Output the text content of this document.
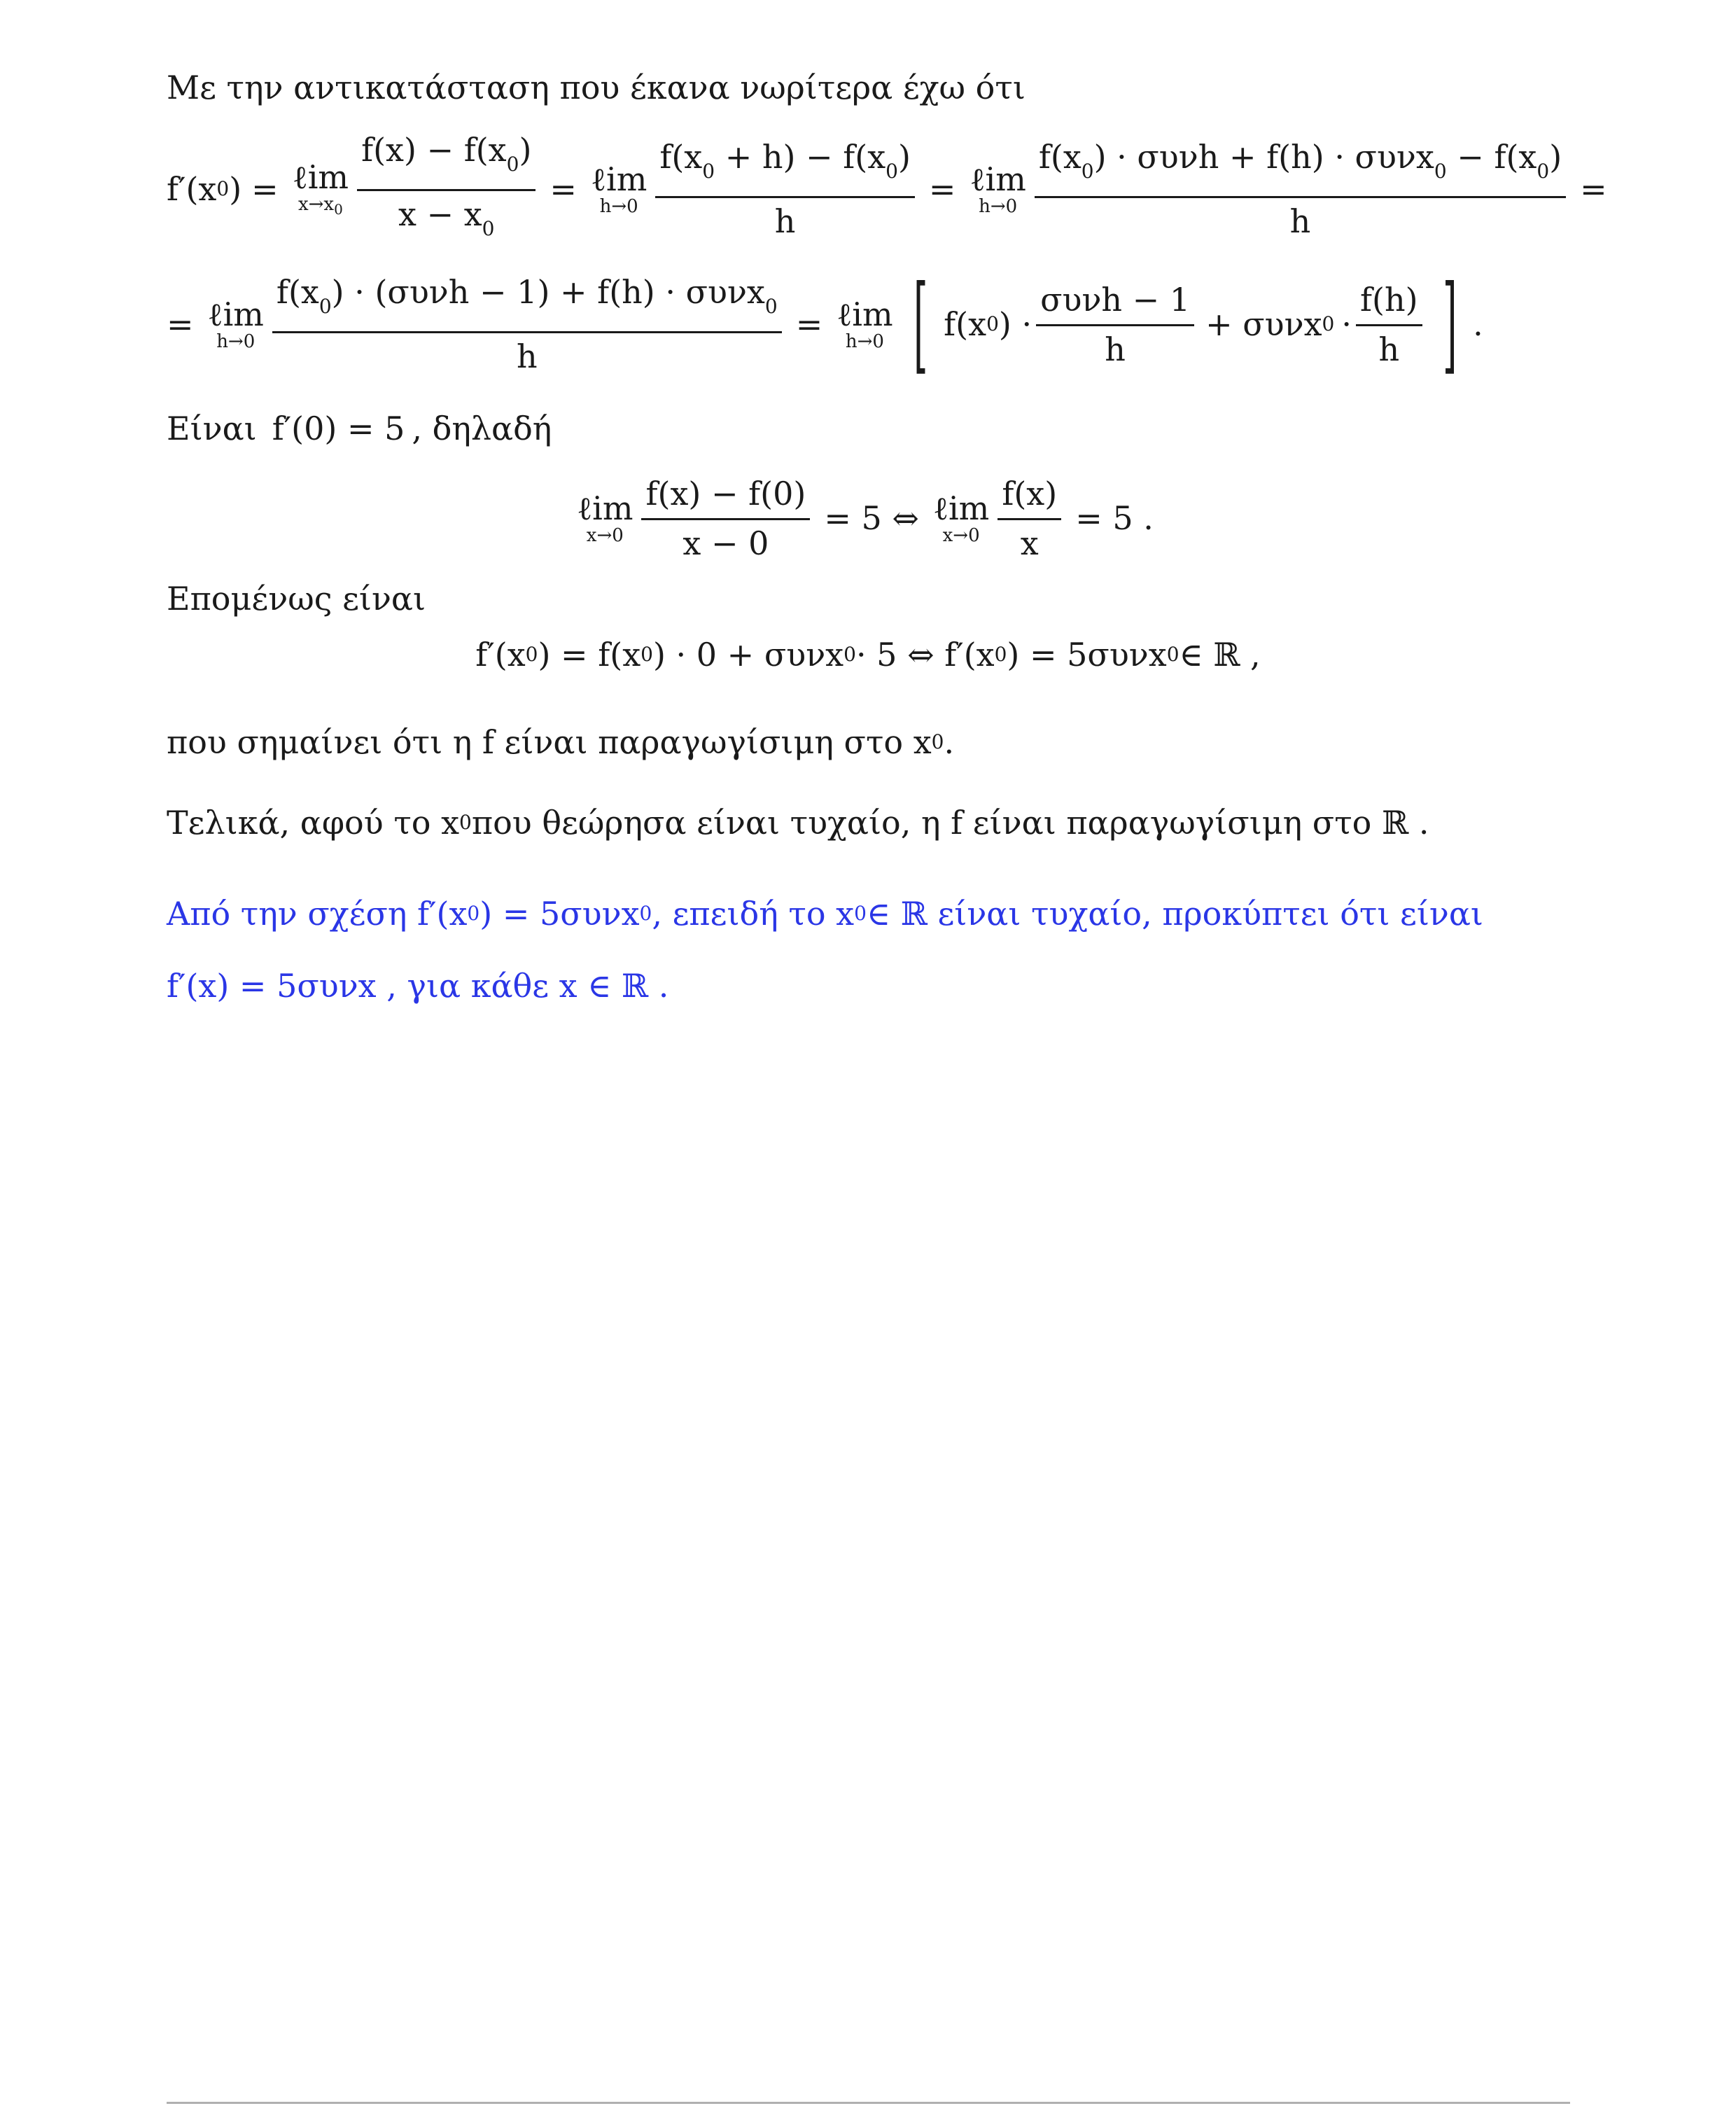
Με την αντικατάσταση που έκανα νωρίτερα έχω ότι
f′(x 0 ) = ℓim
$x\to x_0 \frac{f(x) - f(x_0)}{x - x_0}$ = ℓim
$h\to 0 \frac{f(x_0 + h) - f(x_0)}{h}$ = ℓim
$h\to 0 \frac{f(x_0) \cdot \sigma\upsilon\nu h + f(h) \cdot \sigma\upsilon\nu x_0 - f(x_0)}{h}$ =
= ℓim
$h\to 0 \frac{f(x_0) \cdot (\sigma\upsilon\nu h - 1) + f(h) \cdot \sigma\upsilon\nu x_0}{h}$ = ℓim
h→0 [ f(x 0 ) · $\frac{\text{συνh − 1}}{h} + \sigma\upsilon\nu x$ $0 \cdot \frac{f(h)}{h}$ ] .
Είναι f′(0) = 5 , δηλαδή
ℓim
$x\to 0 \frac{f(x) - f(0)}{x - 0} = 5$ ⇔ ℓim
$x\to 0 \frac{f(x)}{x} = 5$ .
Επομένως είναι
f′(x 0 ) = f(x 0 ) · 0 + συνx 0 · 5 ⇔ f′(x 0 ) = 5συνx 0 ∈ ℝ ,
που σημαίνει ότι η f είναι παραγωγίσιμη στο x 0 .
Τελικά, αφού το x 0 που θεώρησα είναι τυχαίο, η f είναι παραγωγίσιμη στο ℝ .
Από την σχέση f′(x 0 ) = 5συνx 0 , επειδή το x 0 ∈ ℝ είναι τυχαίο, προκύπτει ότι είναι
f′(x) = 5συνx , για κάθε x ∈ ℝ .
